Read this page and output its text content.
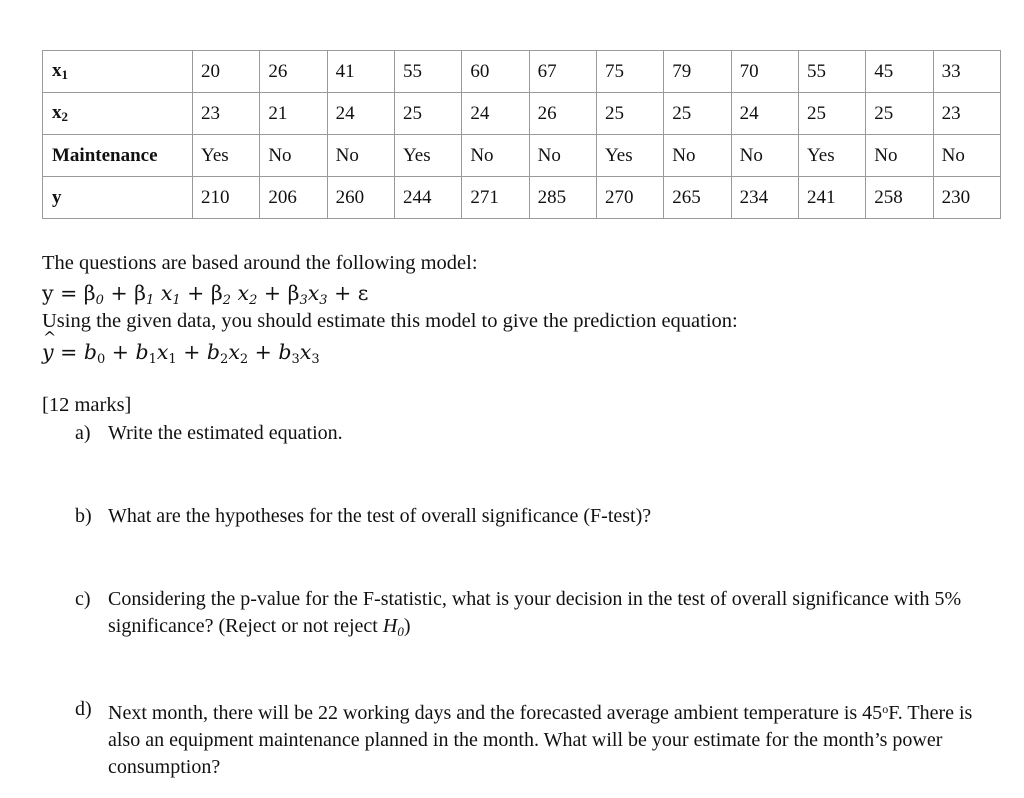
$x_1$	20	26	41	55	60	67	75	79	70	55	45	33
$x_2$	23	21	24	25	24	26	25	25	24	25	25	23
Maintenance	Yes	No	No	Yes	No	No	Yes	No	No	Yes	No	No
y	210	206	260	244	271	285	270	265	234	241	258	230
The questions are based around the following model:
y = β0 + β1 x1 + β2 x2 + β3x3 + ε
Using the given data, you should estimate this model to give the prediction equation:
^ y = b0 + b1x1 + b2x2 + b3x3
[12 marks]
a) Write the estimated equation.
b) What are the hypotheses for the test of overall significance (F-test)?
c) Considering the p-value for the F-statistic, what is your decision in the test of overall significance with 5% significance? (Reject or not reject $H_0$)
d) Next month, there will be 22 working days and the forecasted average ambient temperature is 45$^o$F. There is also an equipment maintenance planned in the month. What will be your estimate for the month’s power consumption?
